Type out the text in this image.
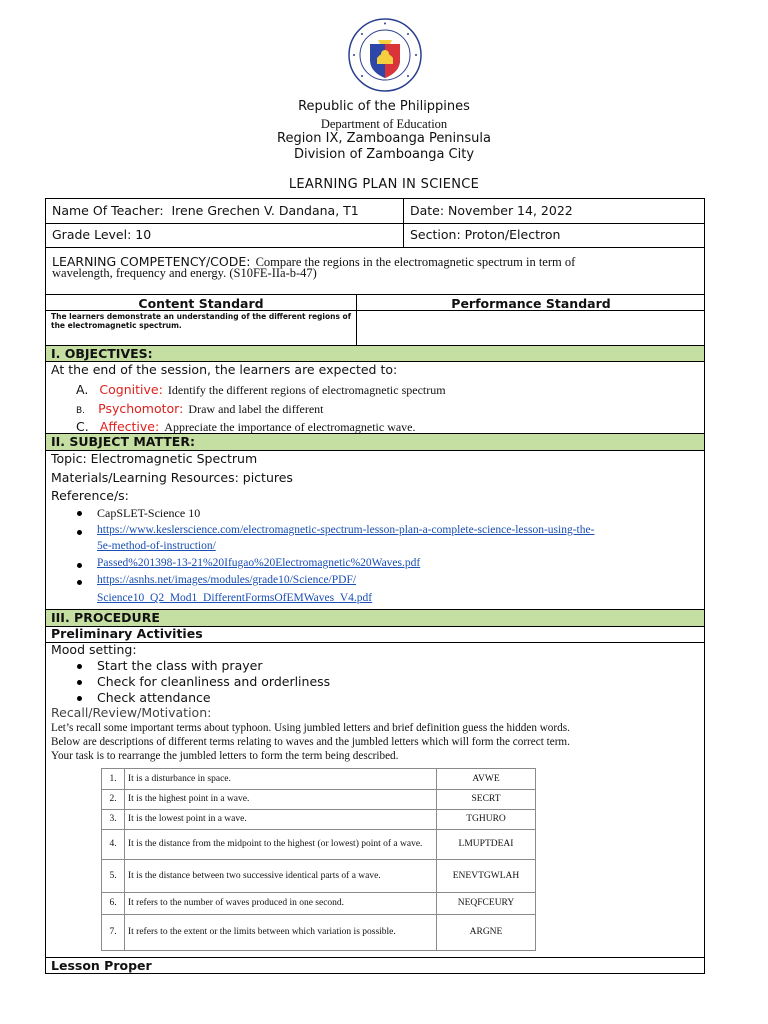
Republic of the Philippines
Department of Education
Region IX, Zamboanga Peninsula
Division of Zamboanga City
LEARNING PLAN IN SCIENCE
Name Of Teacher: Irene Grechen V. Dandana, T1	Date: November 14, 2022
Grade Level: 10	Section: Proton/Electron
LEARNING COMPETENCY/CODE: Compare the regions in the electromagnetic spectrum in term of
wavelength, frequency and energy. (S10FE-IIa-b-47)
Content Standard	Performance Standard
The learners demonstrate an understanding of the different regions of
the electromagnetic spectrum.
I. OBJECTIVES:
At the end of the session, the learners are expected to:
A. Cognitive: Identify the different regions of electromagnetic spectrum
B. Psychomotor: Draw and label the different
C. Affective: Appreciate the importance of electromagnetic wave.
II. SUBJECT MATTER:
Topic: Electromagnetic Spectrum
Materials/Learning Resources: pictures
Reference/s:
CapSLET-Science 10
https://www.keslerscience.com/electromagnetic-spectrum-lesson-plan-a-complete-science-lesson-using-the-
5e-method-of-instruction/
Passed%201398-13-21%20Ifugao%20Electromagnetic%20Waves.pdf
https://asnhs.net/images/modules/grade10/Science/PDF/
Science10_Q2_Mod1_DifferentFormsOfEMWaves_V4.pdf
III. PROCEDURE
Preliminary Activities
Mood setting:
Start the class with prayer
Check for cleanliness and orderliness
Check attendance
Recall/Review/Motivation:
Let’s recall some important terms about typhoon. Using jumbled letters and brief definition guess the hidden words.
Below are descriptions of different terms relating to waves and the jumbled letters which will form the correct term.
Your task is to rearrange the jumbled letters to form the term being described.
1.	It is a disturbance in space.	AVWE
2.	It is the highest point in a wave.	SECRT
3.	It is the lowest point in a wave.	TGHURO
4.	It is the distance from the midpoint to the highest (or lowest) point of a wave.	LMUPTDEAI
5.	It is the distance between two successive identical parts of a wave.	ENEVTGWLAH
6.	It refers to the number of waves produced in one second.	NEQFCEURY
7.	It refers to the extent or the limits between which variation is possible.	ARGNE
Lesson Proper
